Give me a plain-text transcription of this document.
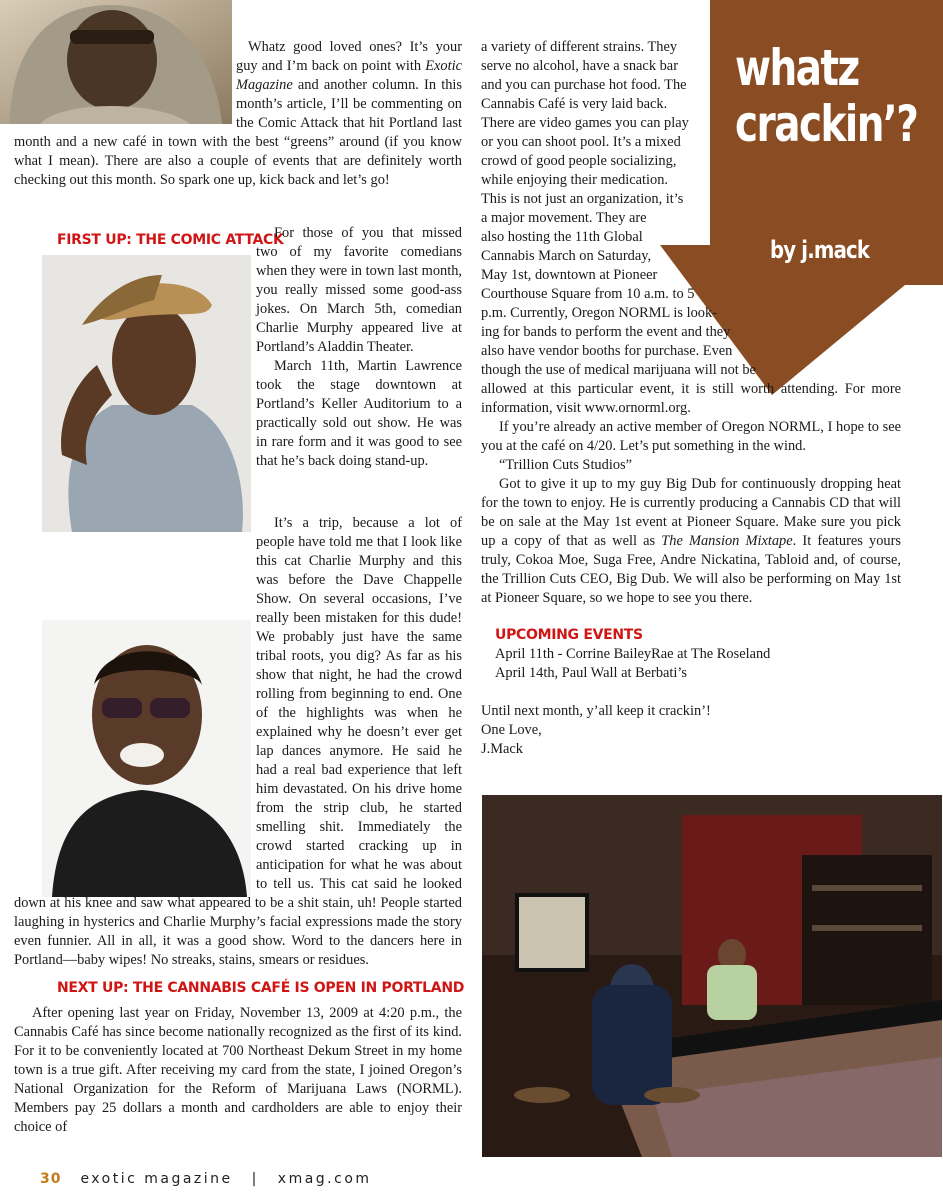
whatz
crackin’?
by j.mack
FIRST UP: THE COMIC ATTACK
a variety of different strains. They
serve no alcohol, have a snack bar
and you can purchase hot food. The
Cannabis Café is very laid back.
There are video games you can play
or you can shoot pool. It’s a mixed
crowd of good people socializing,
while enjoying their medication.
This is not just an organization, it’s
a major movement. They are
also hosting the 11th Global
Cannabis March on Saturday,
May 1st, downtown at Pioneer
Courthouse Square from 10 a.m. to 5
p.m. Currently, Oregon NORML is look-
ing for bands to perform the event and they
also have vendor booths for purchase. Even
though the use of medical marijuana will not be

allowed at this particular event, it is still worth attending. For more information, visit www.ornorml.org.

If you’re already an active member of Oregon NORML, I hope to see you at the café on 4/20. Let’s put something in the wind.

“Trillion Cuts Studios”

Got to give it up to my guy Big Dub for continuously dropping heat for the town to enjoy. He is currently producing a Cannabis CD that will be on sale at the May 1st event at Pioneer Square. Make sure you pick up a copy of that as well as The Mansion Mixtape. It features yours truly, Cokoa Moe, Suga Free, Andre Nickatina, Tabloid and, of course, the Trillion Cuts CEO, Big Dub. We will also be performing on May 1st at Pioneer Square, so we hope to see you there.

UPCOMING EVENTS
April 11th - Corrine BaileyRae at The Roseland
April 14th, Paul Wall at Berbati’s
Until next month, y’all keep it crackin’!
One Love,
J.Mack
30 exotic magazine | xmag.com

Whatz good loved ones? It’s your guy and I’m back on point with Exotic Magazine and another column. In this month’s article, I’ll be commenting on the Comic Attack that hit Portland last month and a new café in town with the best “greens” around (if you know what I mean). There are also a couple of events that are definitely worth checking out this month. So spark one up, kick back and let’s go!

For those of you that missed two of my favorite comedians when they were in town last month, you really missed some good-ass jokes. On March 5th, comedian Charlie Murphy appeared live at Portland’s Aladdin Theater.

March 11th, Martin Lawrence took the stage downtown at Portland’s Keller Auditorium to a practically sold out show. He was in rare form and it was good to see that he’s back doing stand-up.

It’s a trip, because a lot of people have told me that I look like this cat Charlie Murphy and this was before the Dave Chappelle Show. On several occasions, I’ve really been mistaken for this dude! We probably just have the same tribal roots, you dig? As far as his show that night, he had the crowd rolling from beginning to end. One of the highlights was when he explained why he doesn’t ever get lap dances anymore. He said he had a real bad experience that left him devastated. On his drive home from the strip club, he started smelling shit. Immediately the crowd started cracking up in anticipation for what he was about to tell us. This cat said he looked down at his knee and saw what appeared to be a shit stain, uh! People started laughing in hysterics and Charlie Murphy’s facial expressions made the story even funnier. All in all, it was a good show. Word to the dancers here in Portland—baby wipes! No streaks, stains, smears or residues.

After opening last year on Friday, November 13, 2009 at 4:20 p.m., the Cannabis Café has since become nationally recognized as the first of its kind. For it to be conveniently located at 700 Northeast Dekum Street in my home town is a true gift. After receiving my card from the state, I joined Oregon’s National Organization for the Reform of Marijuana Laws (NORML). Members pay 25 dollars a month and cardholders are able to enjoy their choice of

NEXT UP: THE CANNABIS CAFÉ IS OPEN IN PORTLAND
